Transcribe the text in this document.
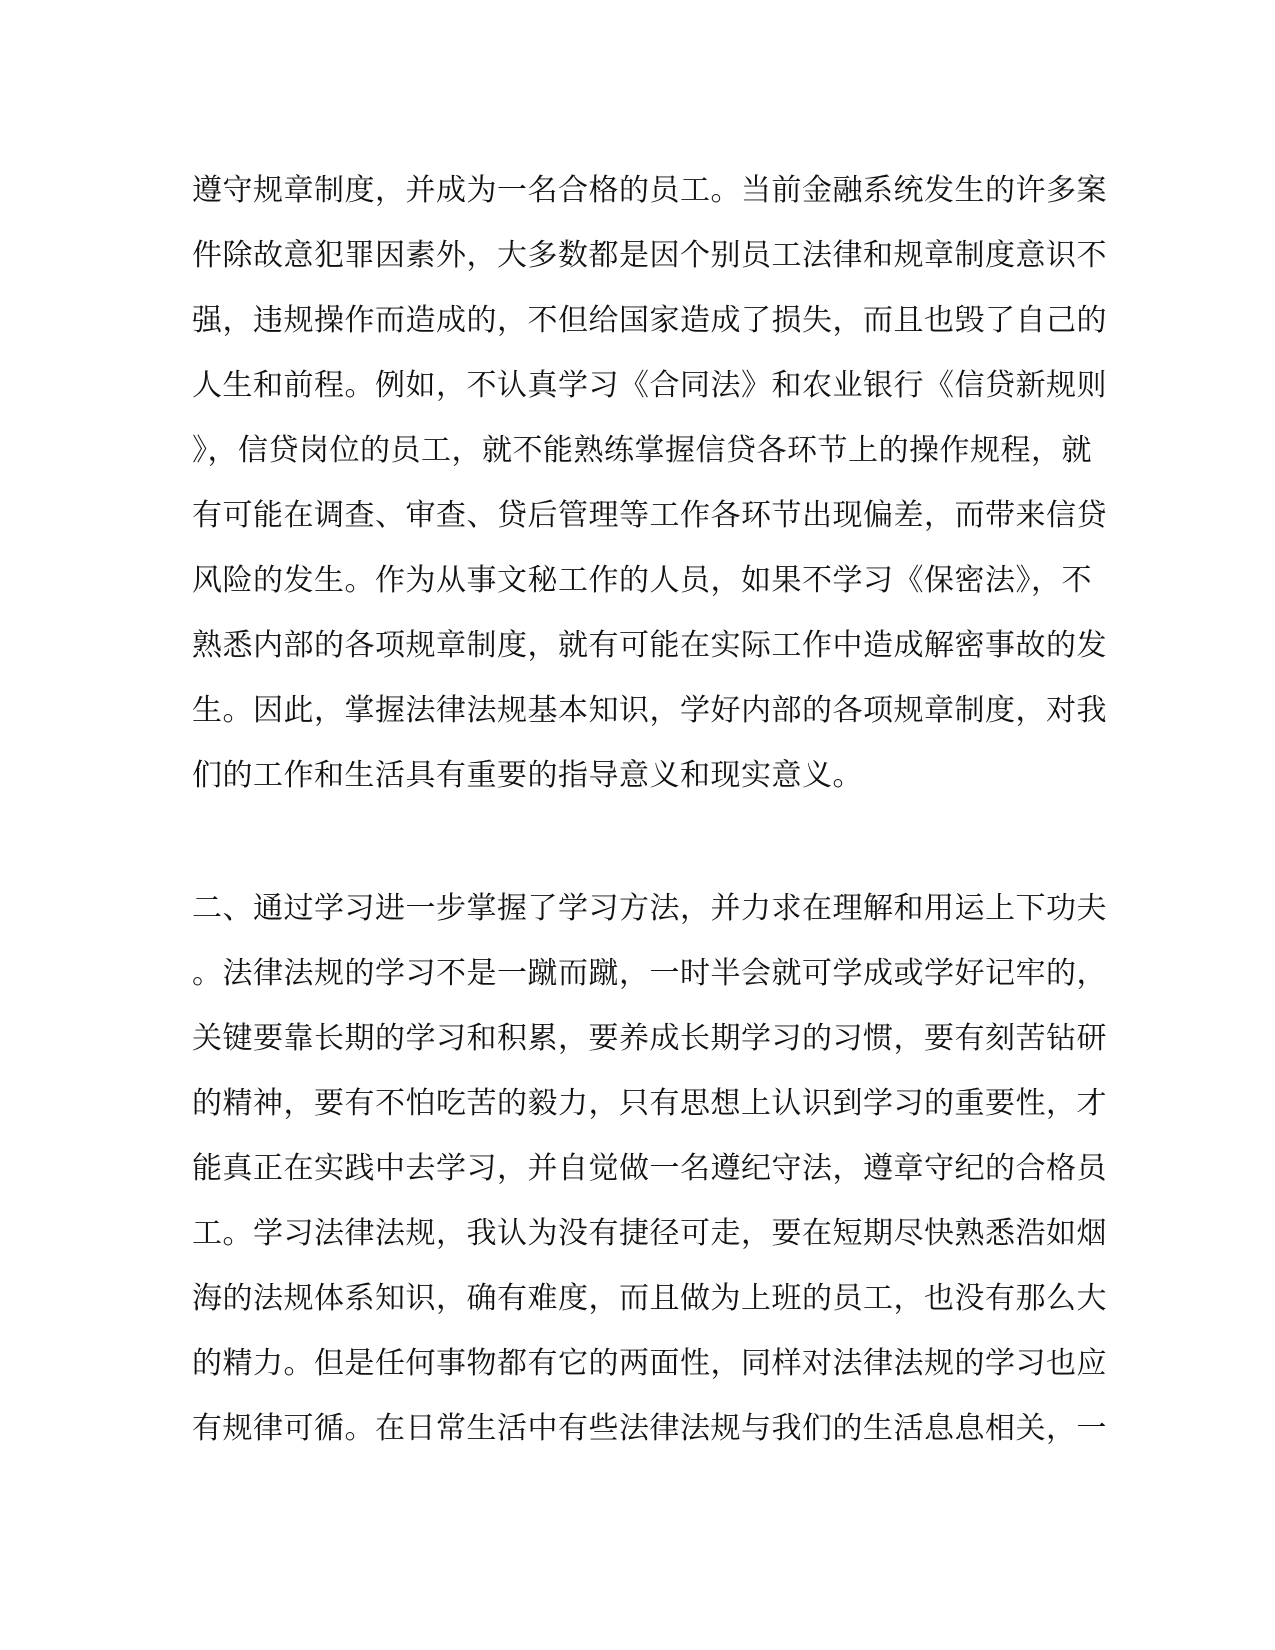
遵守规章制度，并成为一名合格的员工。当前金融系统发生的许多案
件除故意犯罪因素外，大多数都是因个别员工法律和规章制度意识不
强，违规操作而造成的，不但给国家造成了损失，而且也毁了自己的
人生和前程。例如，不认真学习《合同法》和农业银行《信贷新规则
》，信贷岗位的员工，就不能熟练掌握信贷各环节上的操作规程，就
有可能在调查、审查、贷后管理等工作各环节出现偏差，而带来信贷
风险的发生。作为从事文秘工作的人员，如果不学习《保密法》，不
熟悉内部的各项规章制度，就有可能在实际工作中造成解密事故的发
生。因此，掌握法律法规基本知识，学好内部的各项规章制度，对我
们的工作和生活具有重要的指导意义和现实意义。
二、通过学习进一步掌握了学习方法，并力求在理解和用运上下功夫
。法律法规的学习不是一蹴而蹴，一时半会就可学成或学好记牢的，
关键要靠长期的学习和积累，要养成长期学习的习惯，要有刻苦钻研
的精神，要有不怕吃苦的毅力，只有思想上认识到学习的重要性，才
能真正在实践中去学习，并自觉做一名遵纪守法，遵章守纪的合格员
工。学习法律法规，我认为没有捷径可走，要在短期尽快熟悉浩如烟
海的法规体系知识，确有难度，而且做为上班的员工，也没有那么大
的精力。但是任何事物都有它的两面性，同样对法律法规的学习也应
有规律可循。在日常生活中有些法律法规与我们的生活息息相关，一
